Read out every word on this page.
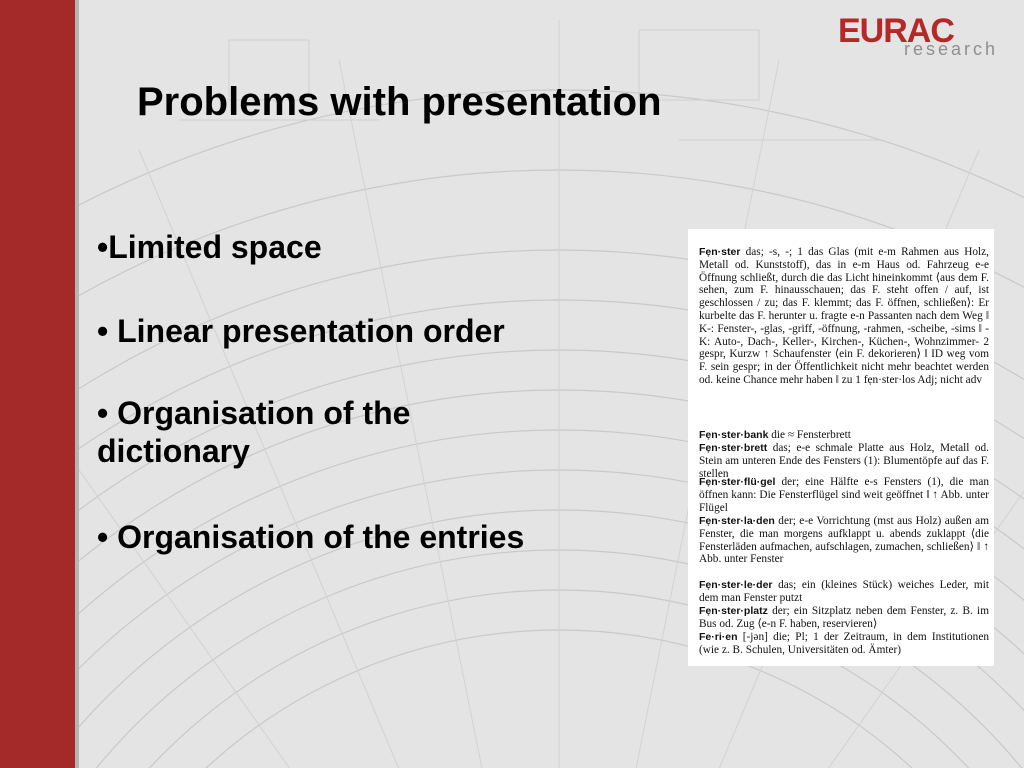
EURAC
research
Problems with presentation

•Limited space

• Linear presentation order

• Organisation of the dictionary

• Organisation of the entries

Fẹn·ster das; -s, -; 1 das Glas (mit e-m Rahmen aus Holz, Metall od. Kunststoff), das in e-m Haus od. Fahrzeug e-e Öffnung schließt, durch die das Licht hineinkommt ⟨aus dem F. sehen, zum F. hinausschauen; das F. steht offen / auf, ist geschlossen / zu; das F. klemmt; das F. öffnen, schließen⟩: Er kurbelte das F. herunter u. fragte e-n Passanten nach dem Weg ‖ K-: Fenster-, -glas, -griff, -öffnung, -rahmen, -scheibe, -sims ‖ -K: Auto-, Dach-, Keller-, Kirchen-, Küchen-, Wohnzimmer- 2 gespr, Kurzw ↑ Schaufenster ⟨ein F. dekorieren⟩ ‖ ID weg vom F. sein gespr; in der Öffentlichkeit nicht mehr beachtet werden od. keine Chance mehr haben ‖ zu 1 fẹn·ster·los Adj; nicht adv
Fẹn·ster·bank die ≈ Fensterbrett
Fẹn·ster·brett das; e-e schmale Platte aus Holz, Metall od. Stein am unteren Ende des Fensters (1): Blumentöpfe auf das F. stellen
Fẹn·ster·flü·gel der; eine Hälfte e-s Fensters (1), die man öffnen kann: Die Fensterflügel sind weit geöffnet ‖ ↑ Abb. unter Flügel
Fẹn·ster·la·den der; e-e Vorrichtung (mst aus Holz) außen am Fenster, die man morgens aufklappt u. abends zuklappt ⟨die Fensterläden aufmachen, aufschlagen, zumachen, schließen⟩ ‖ ↑ Abb. unter Fenster
Fẹn·ster·le·der das; ein (kleines Stück) weiches Leder, mit dem man Fenster putzt
Fẹn·ster·platz der; ein Sitzplatz neben dem Fenster, z. B. im Bus od. Zug ⟨e-n F. haben, reservieren⟩
Fe·ri·en [-jən] die; Pl; 1 der Zeitraum, in dem Institutionen (wie z. B. Schulen, Universitäten od. Ämter)
